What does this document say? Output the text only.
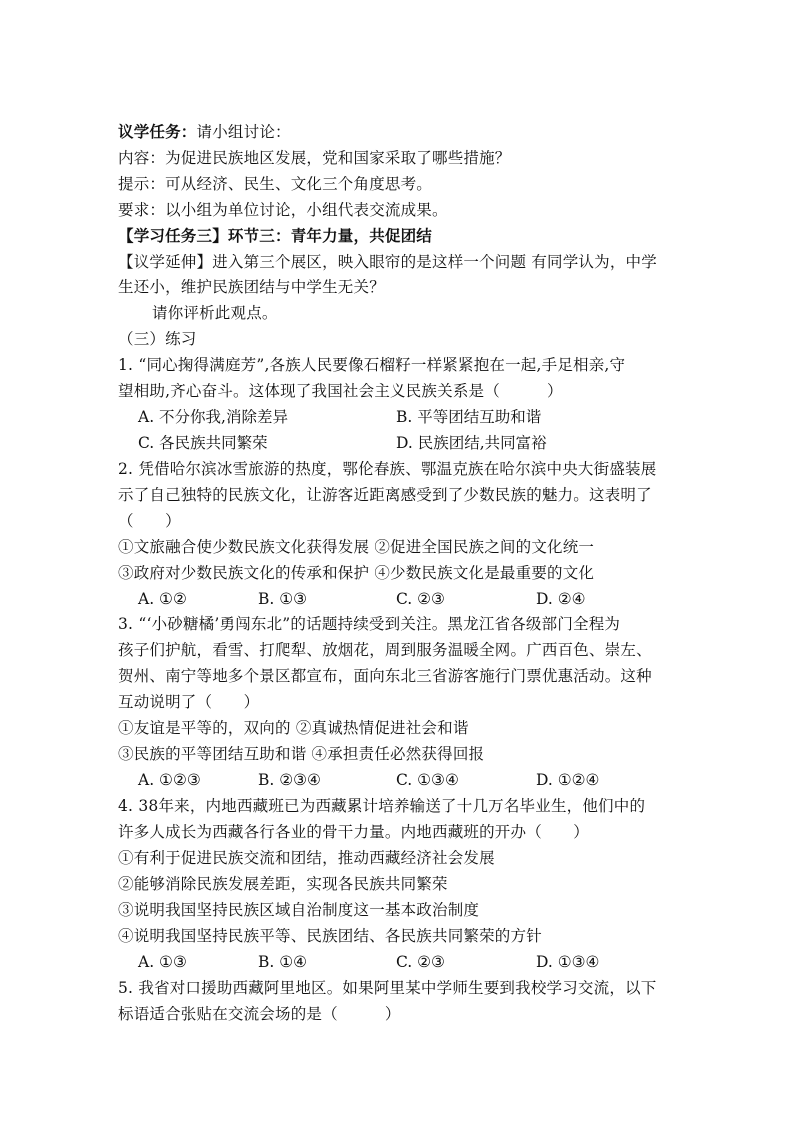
议学任务：请小组讨论：
内容：为促进民族地区发展，党和国家采取了哪些措施？
提示：可从经济、民生、文化三个角度思考。
要求：以小组为单位讨论，小组代表交流成果。
【学习任务三】环节三：青年力量，共促团结
【议学延伸】进入第三个展区，映入眼帘的是这样一个问题 有同学认为，中学
生还小，维护民族团结与中学生无关？
请你评析此观点。
（三）练习
1. “同心掬得满庭芳”,各族人民要像石榴籽一样紧紧抱在一起,手足相亲,守
望相助,齐心奋斗。这体现了我国社会主义民族关系是（　　　）
A. 不分你我,消除差异	B. 平等团结互助和谐
C. 各民族共同繁荣	D. 民族团结,共同富裕
2. 凭借哈尔滨冰雪旅游的热度，鄂伦春族、鄂温克族在哈尔滨中央大街盛装展
示了自己独特的民族文化，让游客近距离感受到了少数民族的魅力。这表明了
（　　）
①文旅融合使少数民族文化获得发展 ②促进全国民族之间的文化统一
③政府对少数民族文化的传承和保护 ④少数民族文化是最重要的文化
A. ①②	B. ①③	C. ②③	D. ②④
3. “‘小砂糖橘’勇闯东北”的话题持续受到关注。黑龙江省各级部门全程为
孩子们护航，看雪、打爬犁、放烟花，周到服务温暖全网。广西百色、崇左、
贺州、南宁等地多个景区都宣布，面向东北三省游客施行门票优惠活动。这种
互动说明了（　　）
①友谊是平等的，双向的 ②真诚热情促进社会和谐
③民族的平等团结互助和谐 ④承担责任必然获得回报
A. ①②③	B. ②③④	C. ①③④	D. ①②④
4. 38年来，内地西藏班已为西藏累计培养输送了十几万名毕业生，他们中的
许多人成长为西藏各行各业的骨干力量。内地西藏班的开办（　　）
①有利于促进民族交流和团结，推动西藏经济社会发展
②能够消除民族发展差距，实现各民族共同繁荣
③说明我国坚持民族区域自治制度这一基本政治制度
④说明我国坚持民族平等、民族团结、各民族共同繁荣的方针
A. ①③	B. ①④	C. ②③	D. ①③④
5. 我省对口援助西藏阿里地区。如果阿里某中学师生要到我校学习交流，以下
标语适合张贴在交流会场的是（　　　）
